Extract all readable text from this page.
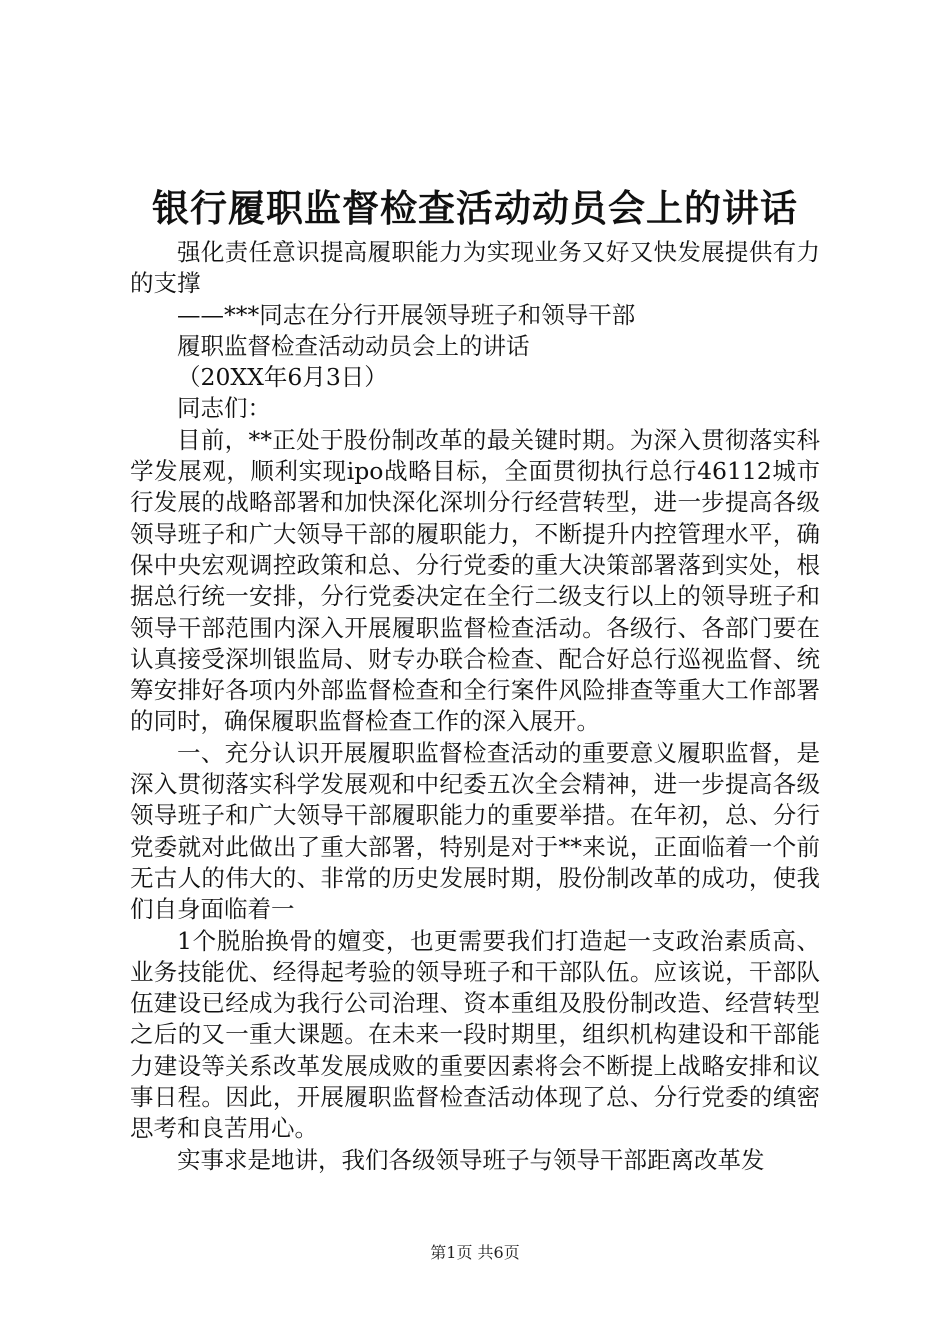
银行履职监督检查活动动员会上的讲话

强化责任意识提高履职能力为实现业务又好又快发展提供有力的支撑

——***同志在分行开展领导班子和领导干部

履职监督检查活动动员会上的讲话

（20XX年6月3日）

同志们：

目前，**正处于股份制改革的最关键时期。为深入贯彻落实科学发展观，顺利实现ipo战略目标，全面贯彻执行总行46112城市行发展的战略部署和加快深化深圳分行经营转型，进一步提高各级领导班子和广大领导干部的履职能力，不断提升内控管理水平，确保中央宏观调控政策和总、分行党委的重大决策部署落到实处，根据总行统一安排，分行党委决定在全行二级支行以上的领导班子和领导干部范围内深入开展履职监督检查活动。各级行、各部门要在认真接受深圳银监局、财专办联合检查、配合好总行巡视监督、统筹安排好各项内外部监督检查和全行案件风险排查等重大工作部署的同时，确保履职监督检查工作的深入展开。

一、充分认识开展履职监督检查活动的重要意义履职监督，是深入贯彻落实科学发展观和中纪委五次全会精神，进一步提高各级领导班子和广大领导干部履职能力的重要举措。在年初，总、分行党委就对此做出了重大部署，特别是对于**来说，正面临着一个前无古人的伟大的、非常的历史发展时期，股份制改革的成功，使我们自身面临着一

1个脱胎换骨的嬗变，也更需要我们打造起一支政治素质高、业务技能优、经得起考验的领导班子和干部队伍。应该说，干部队伍建设已经成为我行公司治理、资本重组及股份制改造、经营转型之后的又一重大课题。在未来一段时期里，组织机构建设和干部能力建设等关系改革发展成败的重要因素将会不断提上战略安排和议事日程。因此，开展履职监督检查活动体现了总、分行党委的缜密思考和良苦用心。

实事求是地讲，我们各级领导班子与领导干部距离改革发

第1页 共6页
